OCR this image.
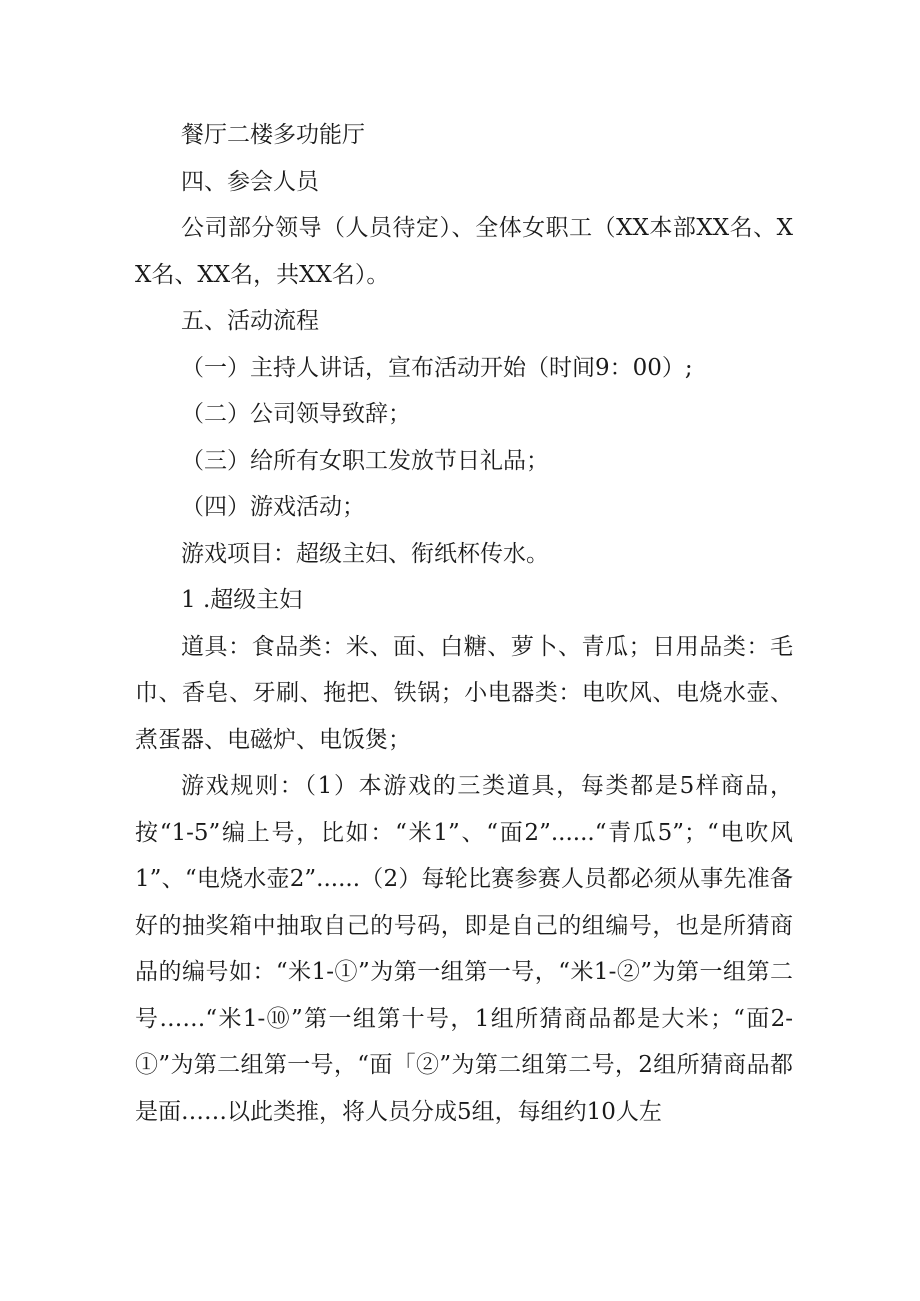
餐厅二楼多功能厅

四、参会人员

公司部分领导（人员待定）、全体女职工（XX本部XX名、XX名、XX名，共XX名）。

五、活动流程

（一）主持人讲话，宣布活动开始（时间9：00）;

（二）公司领导致辞；

（三）给所有女职工发放节日礼品；

（四）游戏活动；

游戏项目：超级主妇、衔纸杯传水。

1 .超级主妇

道具：食品类：米、面、白糖、萝卜、青瓜；日用品类：毛巾、香皂、牙刷、拖把、铁锅；小电器类：电吹风、电烧水壶、煮蛋器、电磁炉、电饭煲；

游戏规则：（1）本游戏的三类道具，每类都是5样商品，按“1-5”编上号，比如：“米1”、“面2”......“青瓜5”；“电吹风1”、“电烧水壶2”......（2）每轮比赛参赛人员都必须从事先准备好的抽奖箱中抽取自己的号码，即是自己的组编号，也是所猜商品的编号如：“米1-①”为第一组第一号，“米1-②”为第一组第二号……“米1-⑩”第一组第十号，1组所猜商品都是大米；“面2-①”为第二组第一号，“面「②”为第二组第二号，2组所猜商品都是面……以此类推，将人员分成5组，每组约10人左
